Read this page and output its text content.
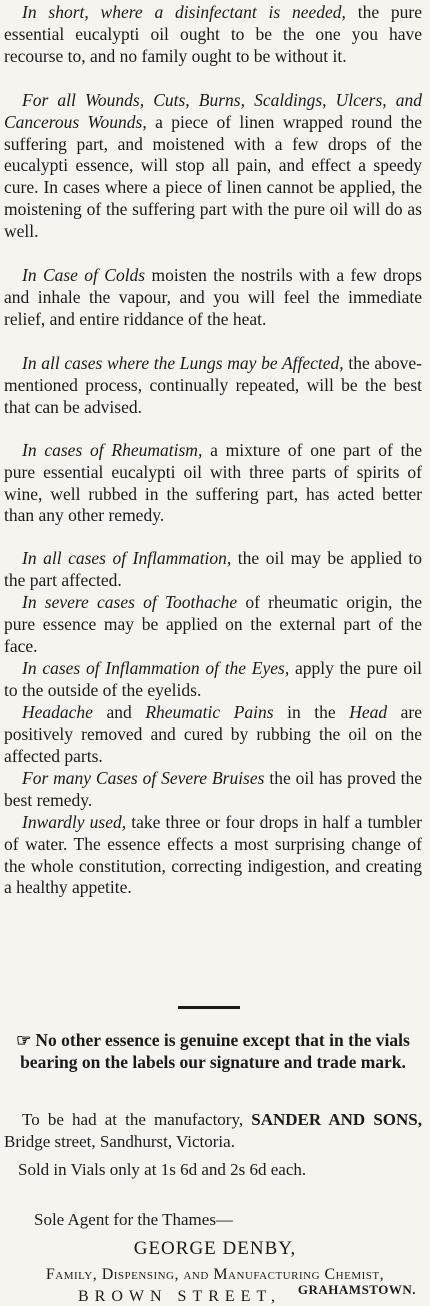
In short, where a disinfectant is needed, the pure essential eucalypti oil ought to be the one you have recourse to, and no family ought to be without it.

For all Wounds, Cuts, Burns, Scaldings, Ulcers, and Cancerous Wounds, a piece of linen wrapped round the suffering part, and moistened with a few drops of the eucalypti essence, will stop all pain, and effect a speedy cure. In cases where a piece of linen cannot be applied, the moistening of the suffering part with the pure oil will do as well.

In Case of Colds moisten the nostrils with a few drops and inhale the vapour, and you will feel the immediate relief, and entire riddance of the heat.

In all cases where the Lungs may be Affected, the above-mentioned process, continually repeated, will be the best that can be advised.

In cases of Rheumatism, a mixture of one part of the pure essential eucalypti oil with three parts of spirits of wine, well rubbed in the suffering part, has acted better than any other remedy.

In all cases of Inflammation, the oil may be applied to the part affected.

In severe cases of Toothache of rheumatic origin, the pure essence may be applied on the external part of the face.

In cases of Inflammation of the Eyes, apply the pure oil to the outside of the eyelids.

Headache and Rheumatic Pains in the Head are positively removed and cured by rubbing the oil on the affected parts.

For many Cases of Severe Bruises the oil has proved the best remedy.

Inwardly used, take three or four drops in half a tumbler of water. The essence effects a most surprising change of the whole constitution, correcting indigestion, and creating a healthy appetite.

☞ No other essence is genuine except that in the vials bearing on the labels our signature and trade mark.

To be had at the manufactory, SANDER AND SONS, Bridge street, Sandhurst, Victoria.

Sold in Vials only at 1s 6d and 2s 6d each.

Sole Agent for the Thames—

GEORGE DENBY,

Family, Dispensing, and Manufacturing Chemist,

BROWN STREET,	GRAHAMSTOWN.
